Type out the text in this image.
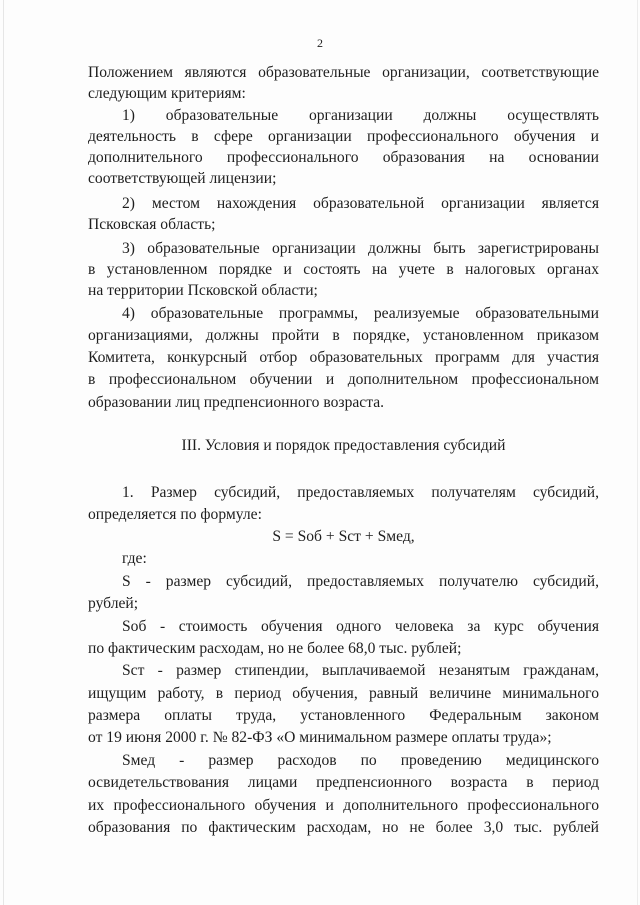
2
Положением являются образовательные организации, соответствующие
следующим критериям:
1) образовательные организации должны осуществлять
деятельность в сфере организации профессионального обучения и
дополнительного профессионального образования на основании
соответствующей лицензии;
2) местом нахождения образовательной организации является
Псковская область;
3) образовательные организации должны быть зарегистрированы
в установленном порядке и состоять на учете в налоговых органах
на территории Псковской области;
4) образовательные программы, реализуемые образовательными
организациями, должны пройти в порядке, установленном приказом
Комитета, конкурсный отбор образовательных программ для участия
в профессиональном обучении и дополнительном профессиональном
образовании лиц предпенсионного возраста.
III. Условия и порядок предоставления субсидий
1. Размер субсидий, предоставляемых получателям субсидий,
определяется по формуле:
S = Sоб + Sст + Sмед,
где:
S - размер субсидий, предоставляемых получателю субсидий,
рублей;
Sоб - стоимость обучения одного человека за курс обучения
по фактическим расходам, но не более 68,0 тыс. рублей;
Sст - размер стипендии, выплачиваемой незанятым гражданам,
ищущим работу, в период обучения, равный величине минимального
размера оплаты труда, установленного Федеральным законом
от 19 июня 2000 г. № 82-ФЗ «О минимальном размере оплаты труда»;
Sмед - размер расходов по проведению медицинского
освидетельствования лицами предпенсионного возраста в период
их профессионального обучения и дополнительного профессионального
образования по фактическим расходам, но не более 3,0 тыс. рублей
